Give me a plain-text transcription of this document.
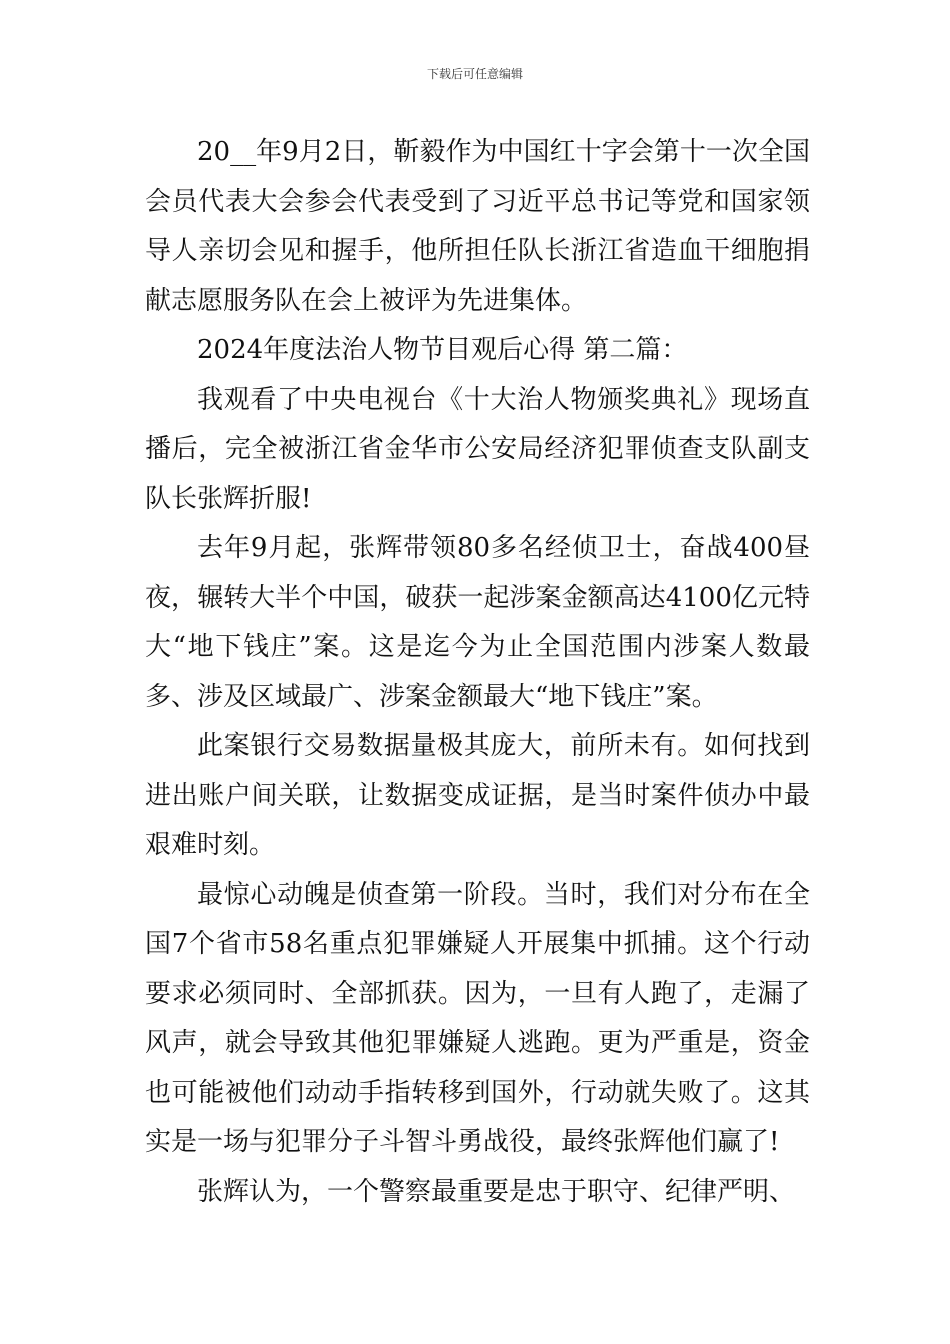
下载后可任意编辑

20__年9月2日，靳毅作为中国红十字会第十一次全国会员代表大会参会代表受到了习近平总书记等党和国家领导人亲切会见和握手，他所担任队长浙江省造血干细胞捐献志愿服务队在会上被评为先进集体。

2024年度法治人物节目观后心得 第二篇：

我观看了中央电视台《十大治人物颁奖典礼》现场直播后，完全被浙江省金华市公安局经济犯罪侦查支队副支队长张辉折服!

去年9月起，张辉带领80多名经侦卫士，奋战400昼夜，辗转大半个中国，破获一起涉案金额高达4100亿元特大“地下钱庄”案。这是迄今为止全国范围内涉案人数最多、涉及区域最广、涉案金额最大“地下钱庄”案。

此案银行交易数据量极其庞大，前所未有。如何找到进出账户间关联，让数据变成证据，是当时案件侦办中最艰难时刻。

最惊心动魄是侦查第一阶段。当时，我们对分布在全国7个省市58名重点犯罪嫌疑人开展集中抓捕。这个行动要求必须同时、全部抓获。因为，一旦有人跑了，走漏了风声，就会导致其他犯罪嫌疑人逃跑。更为严重是，资金也可能被他们动动手指转移到国外，行动就失败了。这其实是一场与犯罪分子斗智斗勇战役，最终张辉他们赢了!

张辉认为，一个警察最重要是忠于职守、纪律严明、
